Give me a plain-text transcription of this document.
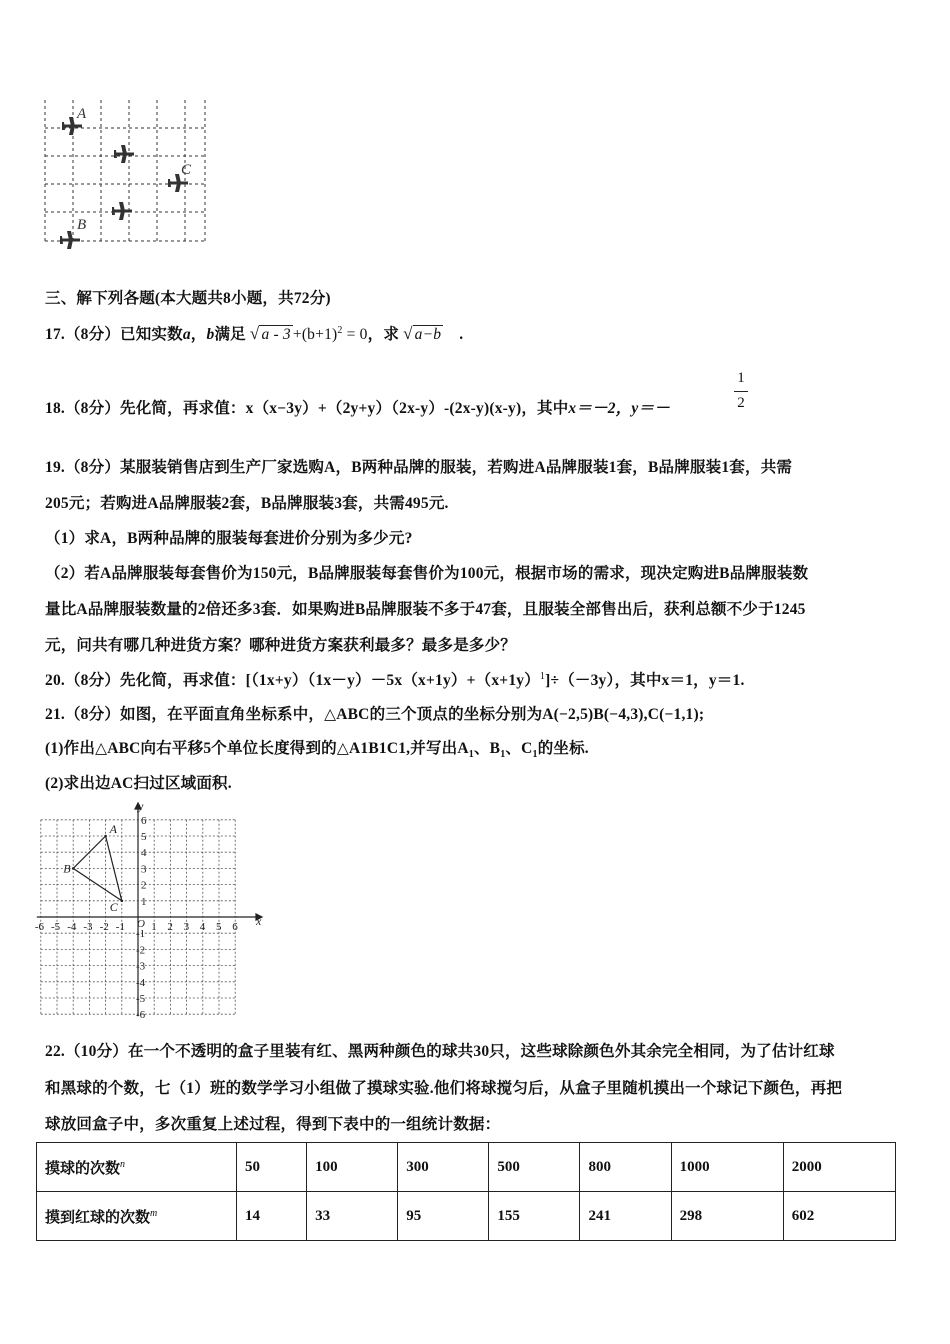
A
C
B
三、解下列各题(本大题共8小题，共72分)
17.（8分）已知实数a，b满足 √ $a - 3 +(b+1)^2 = 0$，求 √ a−b .
18.（8分）先化简，再求值：x（x−3y）+（2y+y）（2x-y）-(2x-y)(x-y)，其中x＝－2，y＝－
1
2
19.（8分）某服装销售店到生产厂家选购A，B两种品牌的服装，若购进A品牌服装1套，B品牌服装1套，共需
205元；若购进A品牌服装2套，B品牌服装3套，共需495元.
（1）求A，B两种品牌的服装每套进价分别为多少元?
（2）若A品牌服装每套售价为150元，B品牌服装每套售价为100元，根据市场的需求，现决定购进B品牌服装数
量比A品牌服装数量的2倍还多3套．如果购进B品牌服装不多于47套，且服装全部售出后，获利总额不少于1245
元，问共有哪几种进货方案？哪种进货方案获利最多？最多是多少？
20.（8分）先化简，再求值：$[(1x+y)(1x-y)-5x(x+1y)+(x+1y)^1]\div(-3y)$，其中x＝1，y＝1.
21.（8分）如图，在平面直角坐标系中，△ABC的三个顶点的坐标分别为A(−2,5)B(−4,3),C(−1,1);
(1)作出△ABC向右平移5个单位长度得到的△A1B1C1,并写出$A_1$、$B_1$、$C_1$的坐标.
(2)求出边AC扫过区域面积.
-6 -5 -4 -3 -2 -1 1 2 3 4 5 6
6
5
4
3
2
1
-1
-2
-3
-4
-5
-6
A
B
C
x
y
O
22.（10分）在一个不透明的盒子里装有红、黑两种颜色的球共30只，这些球除颜色外其余完全相同，为了估计红球
和黑球的个数，七（1）班的数学学习小组做了摸球实验.他们将球搅匀后，从盒子里随机摸出一个球记下颜色，再把
球放回盒子中，多次重复上述过程，得到下表中的一组统计数据：
摸球的次数$^n$	50	100	300	500	800	1000	2000
摸到红球的次数$^m$	14	33	95	155	241	298	602
